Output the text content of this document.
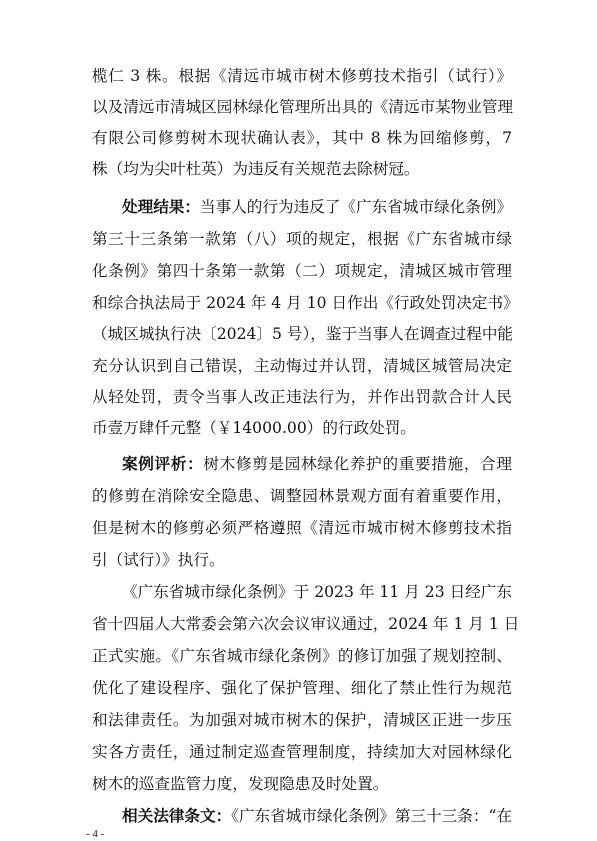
榄仁 3 株。根据《清远市城市树木修剪技术指引（试行）》
以及清远市清城区园林绿化管理所出具的《清远市某物业管理
有限公司修剪树木现状确认表》，其中 8 株为回缩修剪，7
株（均为尖叶杜英）为违反有关规范去除树冠。
处理结果：当事人的行为违反了《广东省城市绿化条例》
第三十三条第一款第（八）项的规定，根据《广东省城市绿
化条例》第四十条第一款第（二）项规定，清城区城市管理
和综合执法局于 2024 年 4 月 10 日作出《行政处罚决定书》
（城区城执行决〔2024〕5 号），鉴于当事人在调查过程中能
充分认识到自己错误，主动悔过并认罚，清城区城管局决定
从轻处罚，责令当事人改正违法行为，并作出罚款合计人民
币壹万肆仟元整（￥14000.00）的行政处罚。
案例评析：树木修剪是园林绿化养护的重要措施，合理
的修剪在消除安全隐患、调整园林景观方面有着重要作用，
但是树木的修剪必须严格遵照《清远市城市树木修剪技术指
引（试行）》执行。
《广东省城市绿化条例》于 2023 年 11 月 23 日经广东
省十四届人大常委会第六次会议审议通过，2024 年 1 月 1 日
正式实施。《广东省城市绿化条例》的修订加强了规划控制、
优化了建设程序、强化了保护管理、细化了禁止性行为规范
和法律责任。为加强对城市树木的保护，清城区正进一步压
实各方责任，通过制定巡查管理制度，持续加大对园林绿化
树木的巡查监管力度，发现隐患及时处置。
相关法律条文：《广东省城市绿化条例》第三十三条：“在
- 4 -
